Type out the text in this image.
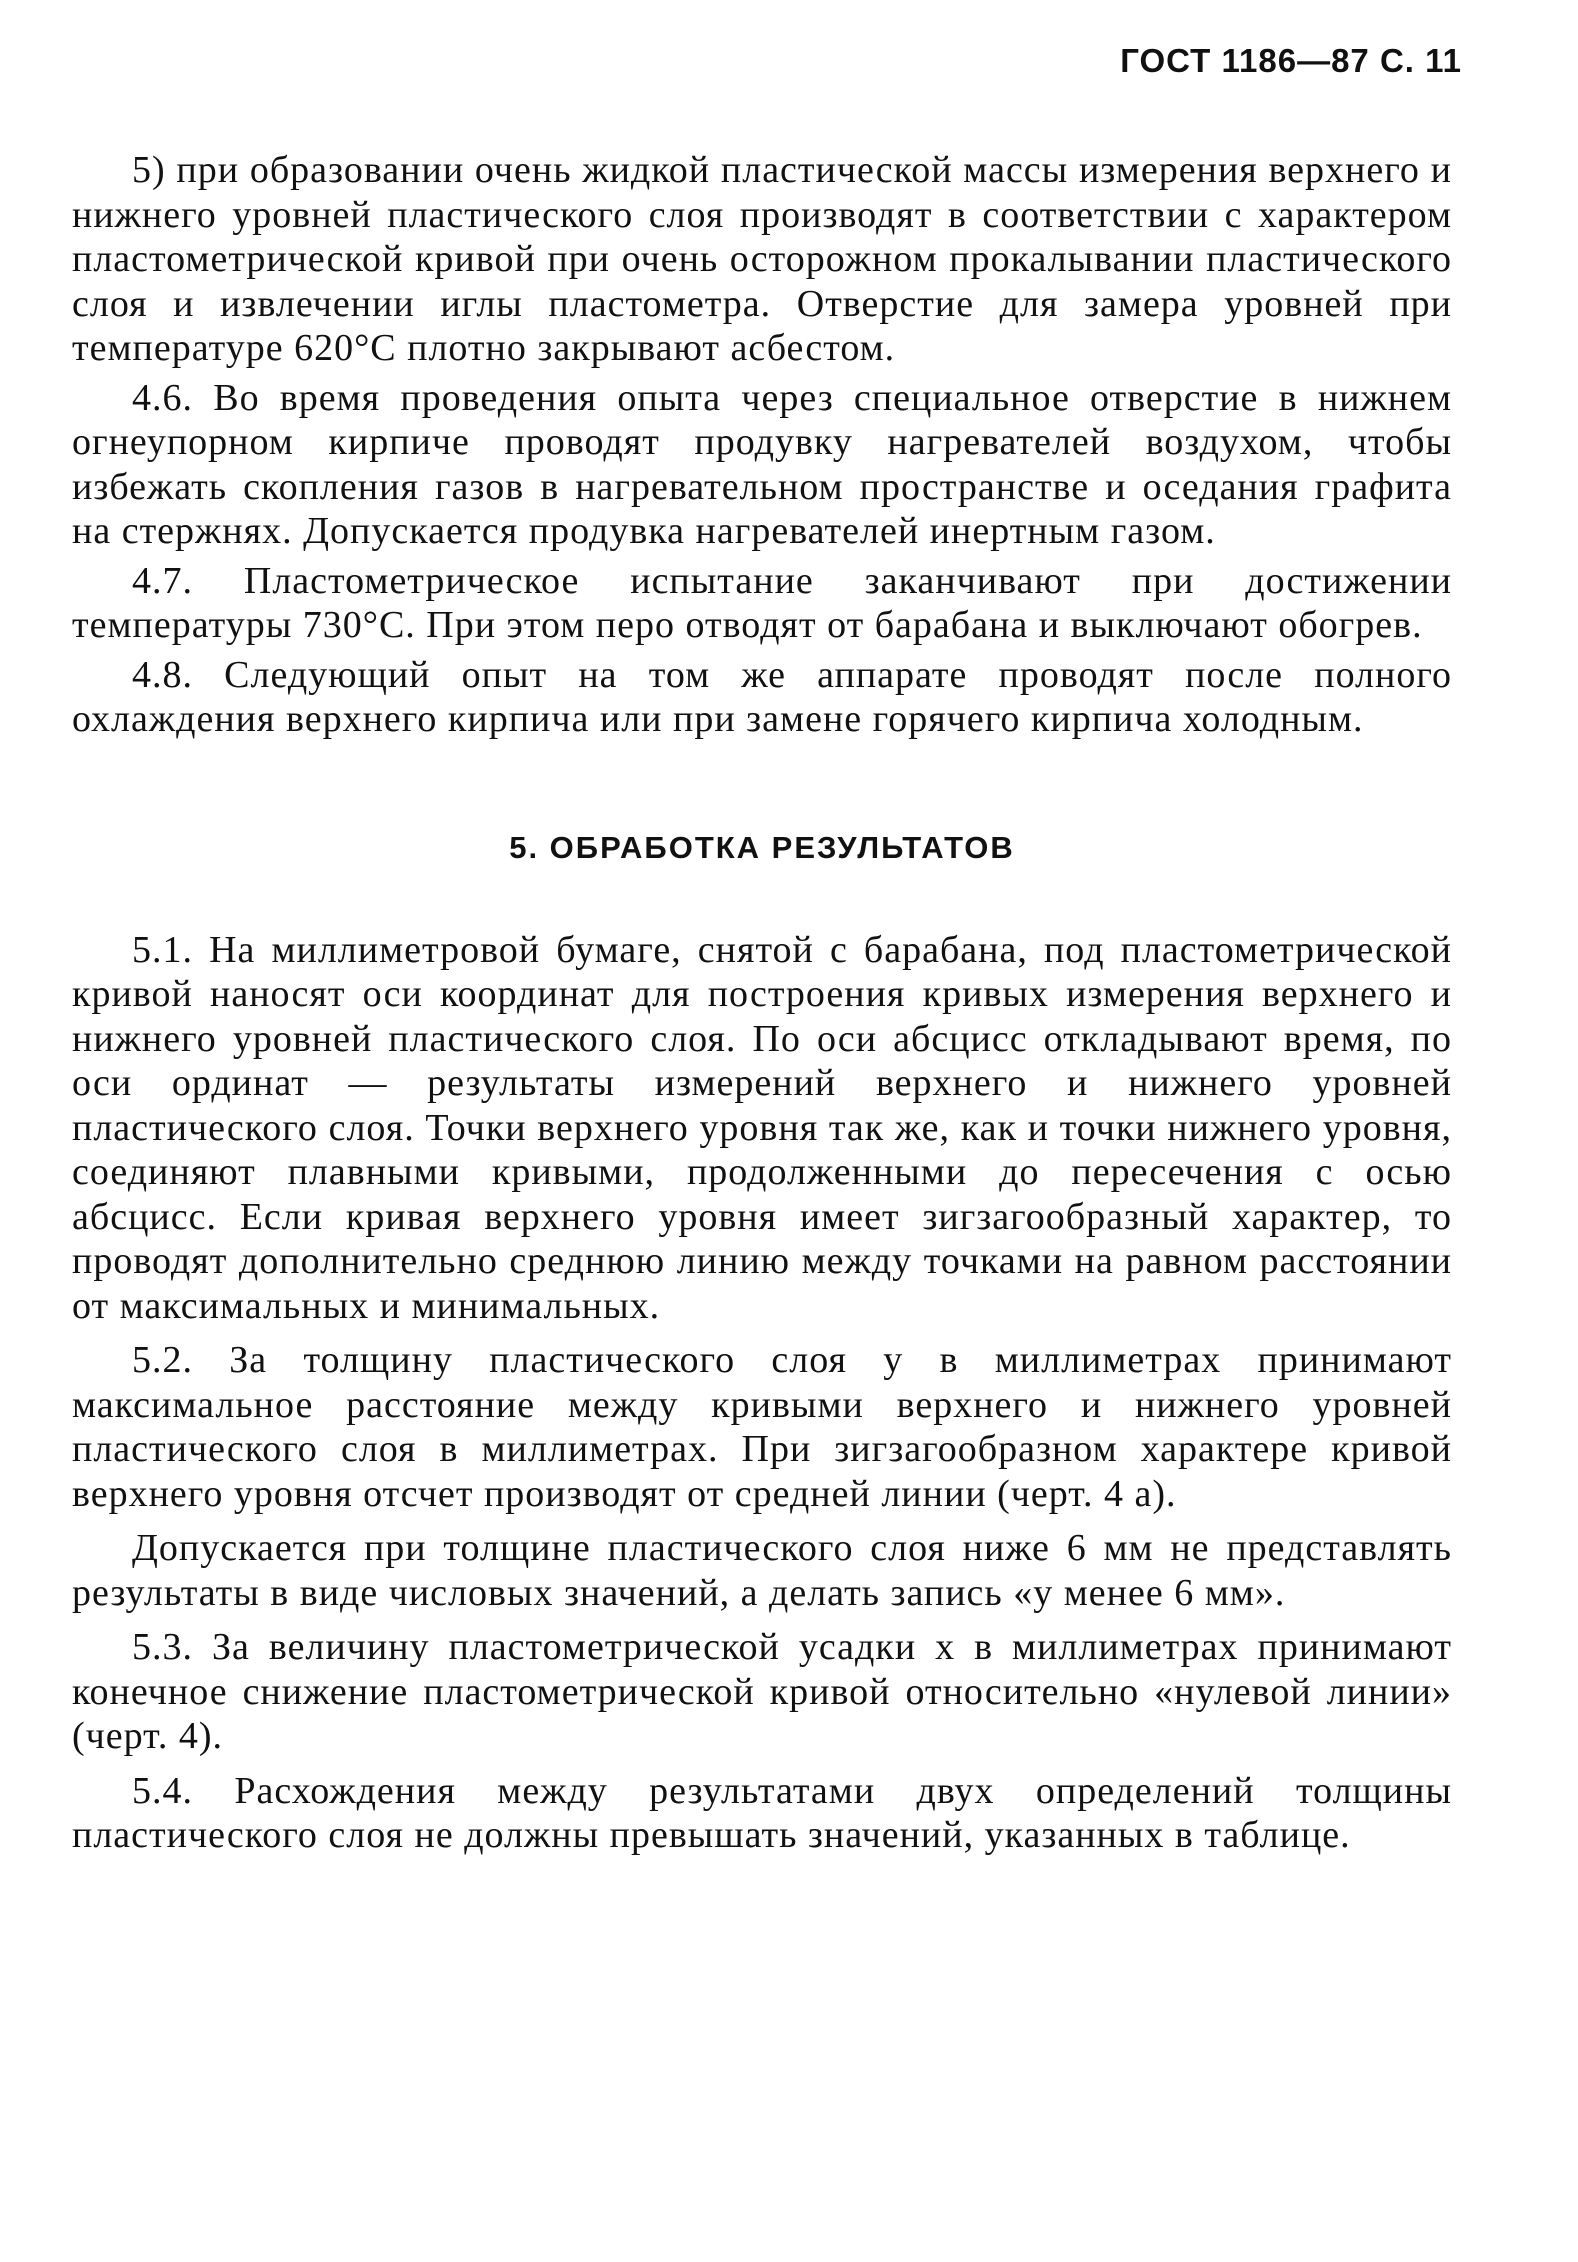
ГОСТ 1186—87 С. 11

5) при образовании очень жидкой пластической массы измерения верхнего и нижнего уровней пластического слоя производят в соответствии с характером пластометрической кривой при очень осторожном прокалывании пластического слоя и извлечении иглы пластометра. Отверстие для замера уровней при температуре 620°С плотно закрывают асбестом.

4.6. Во время проведения опыта через специальное отверстие в нижнем огнеупорном кирпиче проводят продувку нагревателей воздухом, чтобы избежать скопления газов в нагревательном пространстве и оседания графита на стержнях. Допускается продувка нагревателей инертным газом.

4.7. Пластометрическое испытание заканчивают при достижении температуры 730°С. При этом перо отводят от барабана и выключают обогрев.

4.8. Следующий опыт на том же аппарате проводят после полного охлаждения верхнего кирпича или при замене горячего кирпича холодным.

5. ОБРАБОТКА РЕЗУЛЬТАТОВ

5.1. На миллиметровой бумаге, снятой с барабана, под пластометрической кривой наносят оси координат для построения кривых измерения верхнего и нижнего уровней пластического слоя. По оси абсцисс откладывают время, по оси ординат — результаты измерений верхнего и нижнего уровней пластического слоя. Точки верхнего уровня так же, как и точки нижнего уровня, соединяют плавными кривыми, продолженными до пересечения с осью абсцисс. Если кривая верхнего уровня имеет зигзагообразный характер, то проводят дополнительно среднюю линию между точками на равном расстоянии от максимальных и минимальных.

5.2. За толщину пластического слоя y в миллиметрах принимают максимальное расстояние между кривыми верхнего и нижнего уровней пластического слоя в миллиметрах. При зигзагообразном характере кривой верхнего уровня отсчет производят от средней линии (черт. 4 а).

Допускается при толщине пластического слоя ниже 6 мм не представлять результаты в виде числовых значений, а делать запись «y менее 6 мм».

5.3. За величину пластометрической усадки x в миллиметрах принимают конечное снижение пластометрической кривой относительно «нулевой линии» (черт. 4).

5.4. Расхождения между результатами двух определений толщины пластического слоя не должны превышать значений, указанных в таблице.
